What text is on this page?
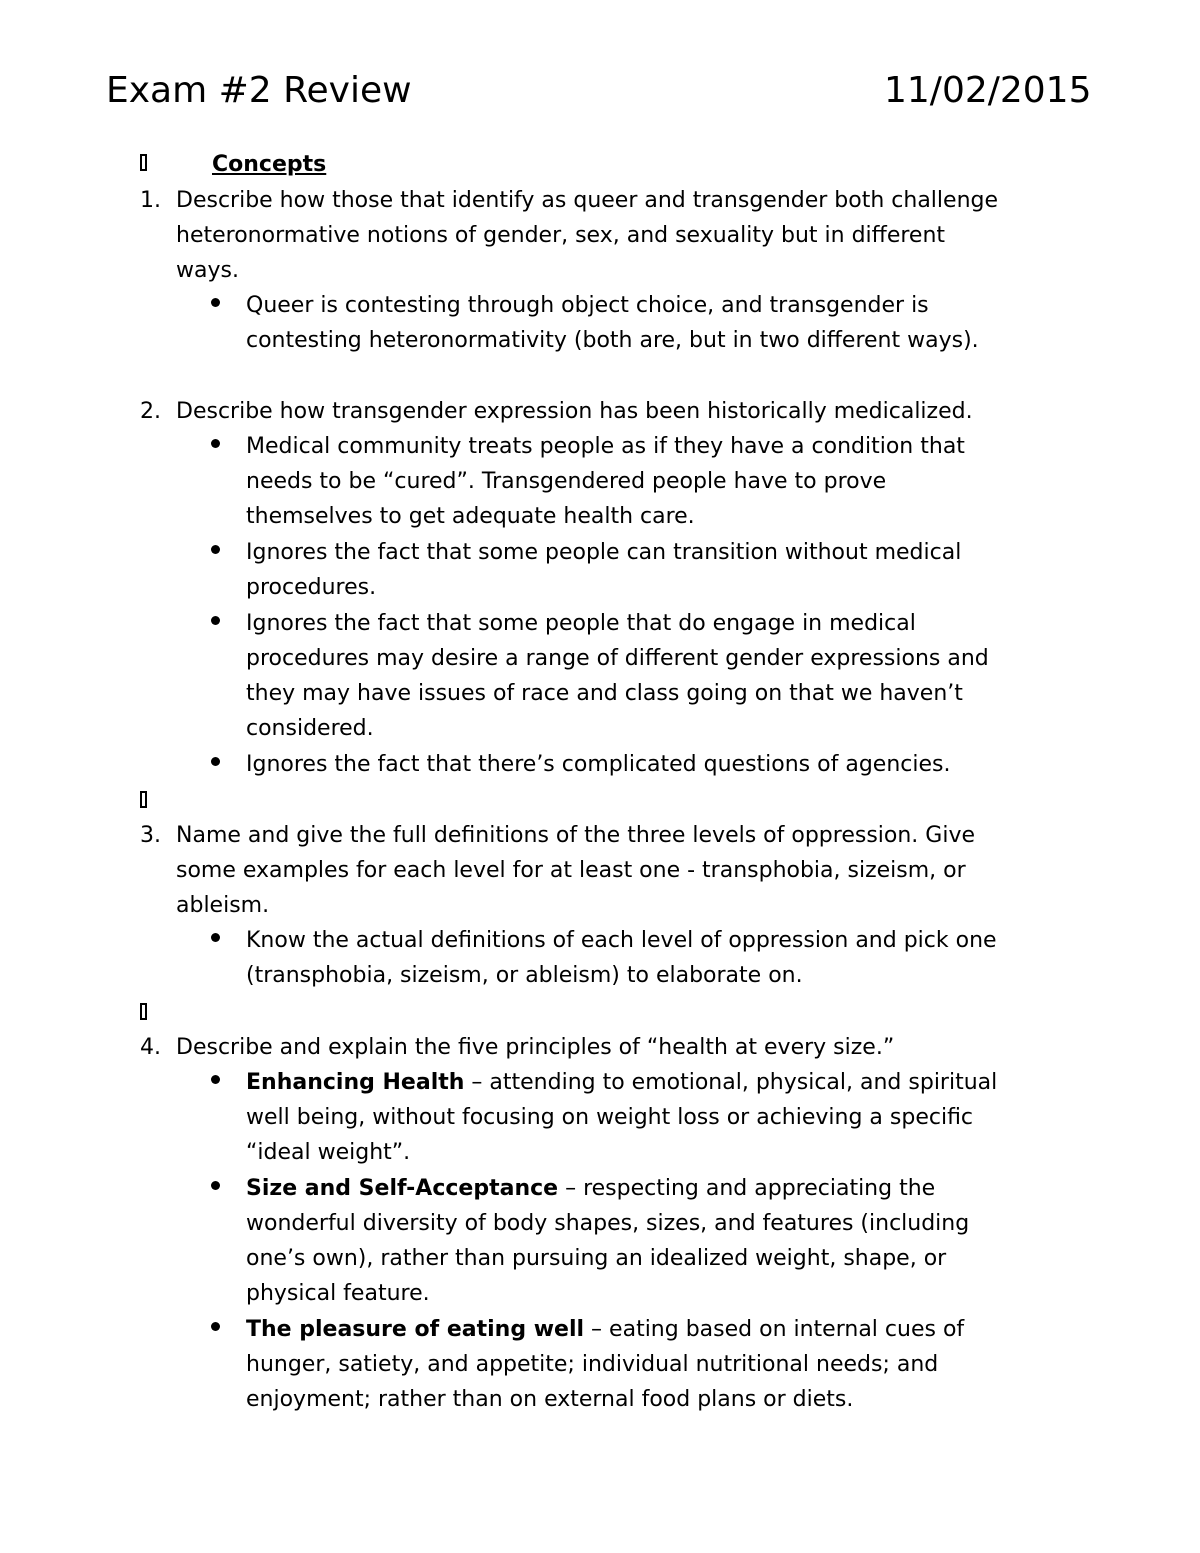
Exam #2 Review	11/02/2015
Concepts
1. Describe how those that identify as queer and transgender both challenge
heteronormative notions of gender, sex, and sexuality but in different
ways.
Queer is contesting through object choice, and transgender is
contesting heteronormativity (both are, but in two different ways).
2. Describe how transgender expression has been historically medicalized.
Medical community treats people as if they have a condition that
needs to be “cured”. Transgendered people have to prove
themselves to get adequate health care.
Ignores the fact that some people can transition without medical
procedures.
Ignores the fact that some people that do engage in medical
procedures may desire a range of different gender expressions and
they may have issues of race and class going on that we haven’t
considered.
Ignores the fact that there’s complicated questions of agencies.
3. Name and give the full definitions of the three levels of oppression. Give
some examples for each level for at least one - transphobia, sizeism, or
ableism.
Know the actual definitions of each level of oppression and pick one
(transphobia, sizeism, or ableism) to elaborate on.
4. Describe and explain the five principles of “health at every size.”
Enhancing Health – attending to emotional, physical, and spiritual
well being, without focusing on weight loss or achieving a specific
“ideal weight”.
Size and Self-Acceptance – respecting and appreciating the
wonderful diversity of body shapes, sizes, and features (including
one’s own), rather than pursuing an idealized weight, shape, or
physical feature.
The pleasure of eating well – eating based on internal cues of
hunger, satiety, and appetite; individual nutritional needs; and
enjoyment; rather than on external food plans or diets.
